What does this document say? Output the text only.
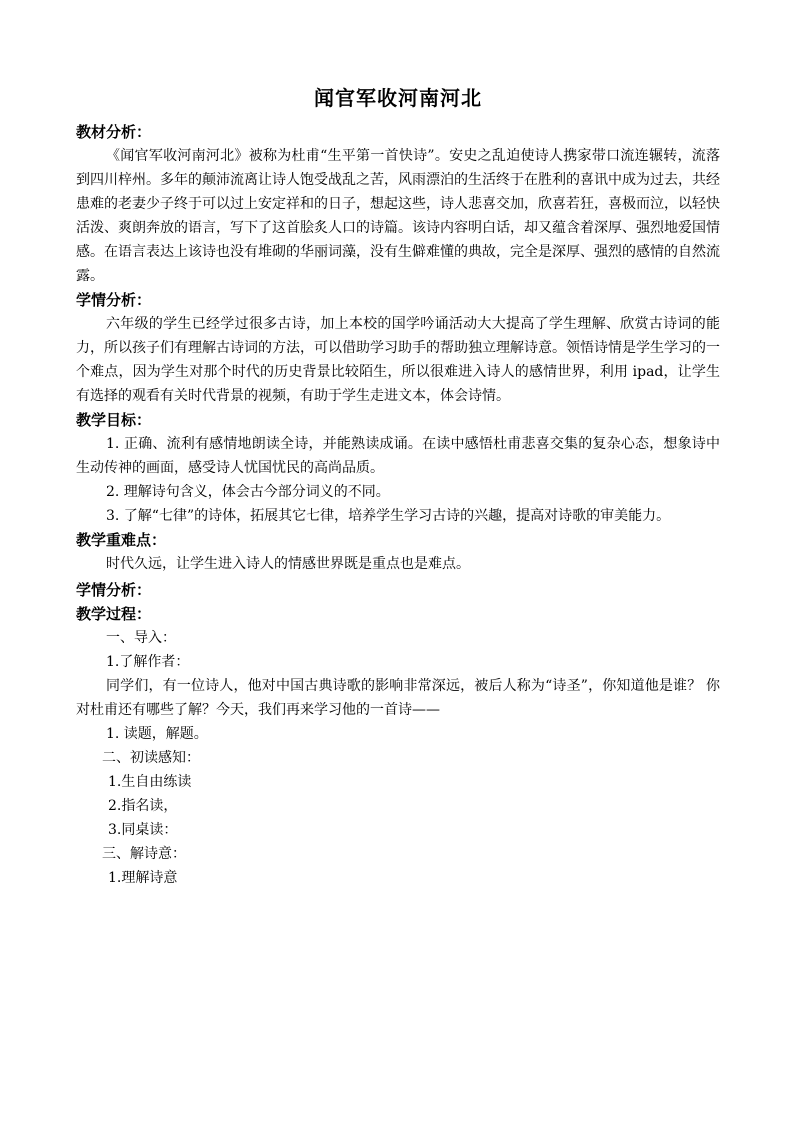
闻官军收河南河北

教材分析：

《闻官军收河南河北》被称为杜甫“生平第一首快诗”。安史之乱迫使诗人携家带口流连辗转，流落到四川梓州。多年的颠沛流离让诗人饱受战乱之苦，风雨漂泊的生活终于在胜利的喜讯中成为过去，共经患难的老妻少子终于可以过上安定祥和的日子，想起这些，诗人悲喜交加，欣喜若狂，喜极而泣，以轻快活泼、爽朗奔放的语言，写下了这首脍炙人口的诗篇。该诗内容明白话，却又蕴含着深厚、强烈地爱国情感。在语言表达上该诗也没有堆砌的华丽词藻，没有生僻难懂的典故，完全是深厚、强烈的感情的自然流露。

学情分析：

六年级的学生已经学过很多古诗，加上本校的国学吟诵活动大大提高了学生理解、欣赏古诗词的能力，所以孩子们有理解古诗词的方法，可以借助学习助手的帮助独立理解诗意。领悟诗情是学生学习的一个难点，因为学生对那个时代的历史背景比较陌生，所以很难进入诗人的感情世界，利用 ipad，让学生有选择的观看有关时代背景的视频，有助于学生走进文本，体会诗情。

教学目标：

1. 正确、流利有感情地朗读全诗，并能熟读成诵。在读中感悟杜甫悲喜交集的复杂心态，想象诗中生动传神的画面，感受诗人忧国忧民的高尚品质。

2. 理解诗句含义，体会古今部分词义的不同。

3. 了解“七律”的诗体，拓展其它七律，培养学生学习古诗的兴趣，提高对诗歌的审美能力。

教学重难点：

时代久远，让学生进入诗人的情感世界既是重点也是难点。

学情分析：

教学过程：

一、导入：

1.了解作者：

同学们，有一位诗人，他对中国古典诗歌的影响非常深远，被后人称为“诗圣”，你知道他是谁？ 你对杜甫还有哪些了解？今天，我们再来学习他的一首诗——

1. 读题，解题。

二、初读感知：

1.生自由练读

2.指名读，

3.同桌读：

三、解诗意：

1.理解诗意
